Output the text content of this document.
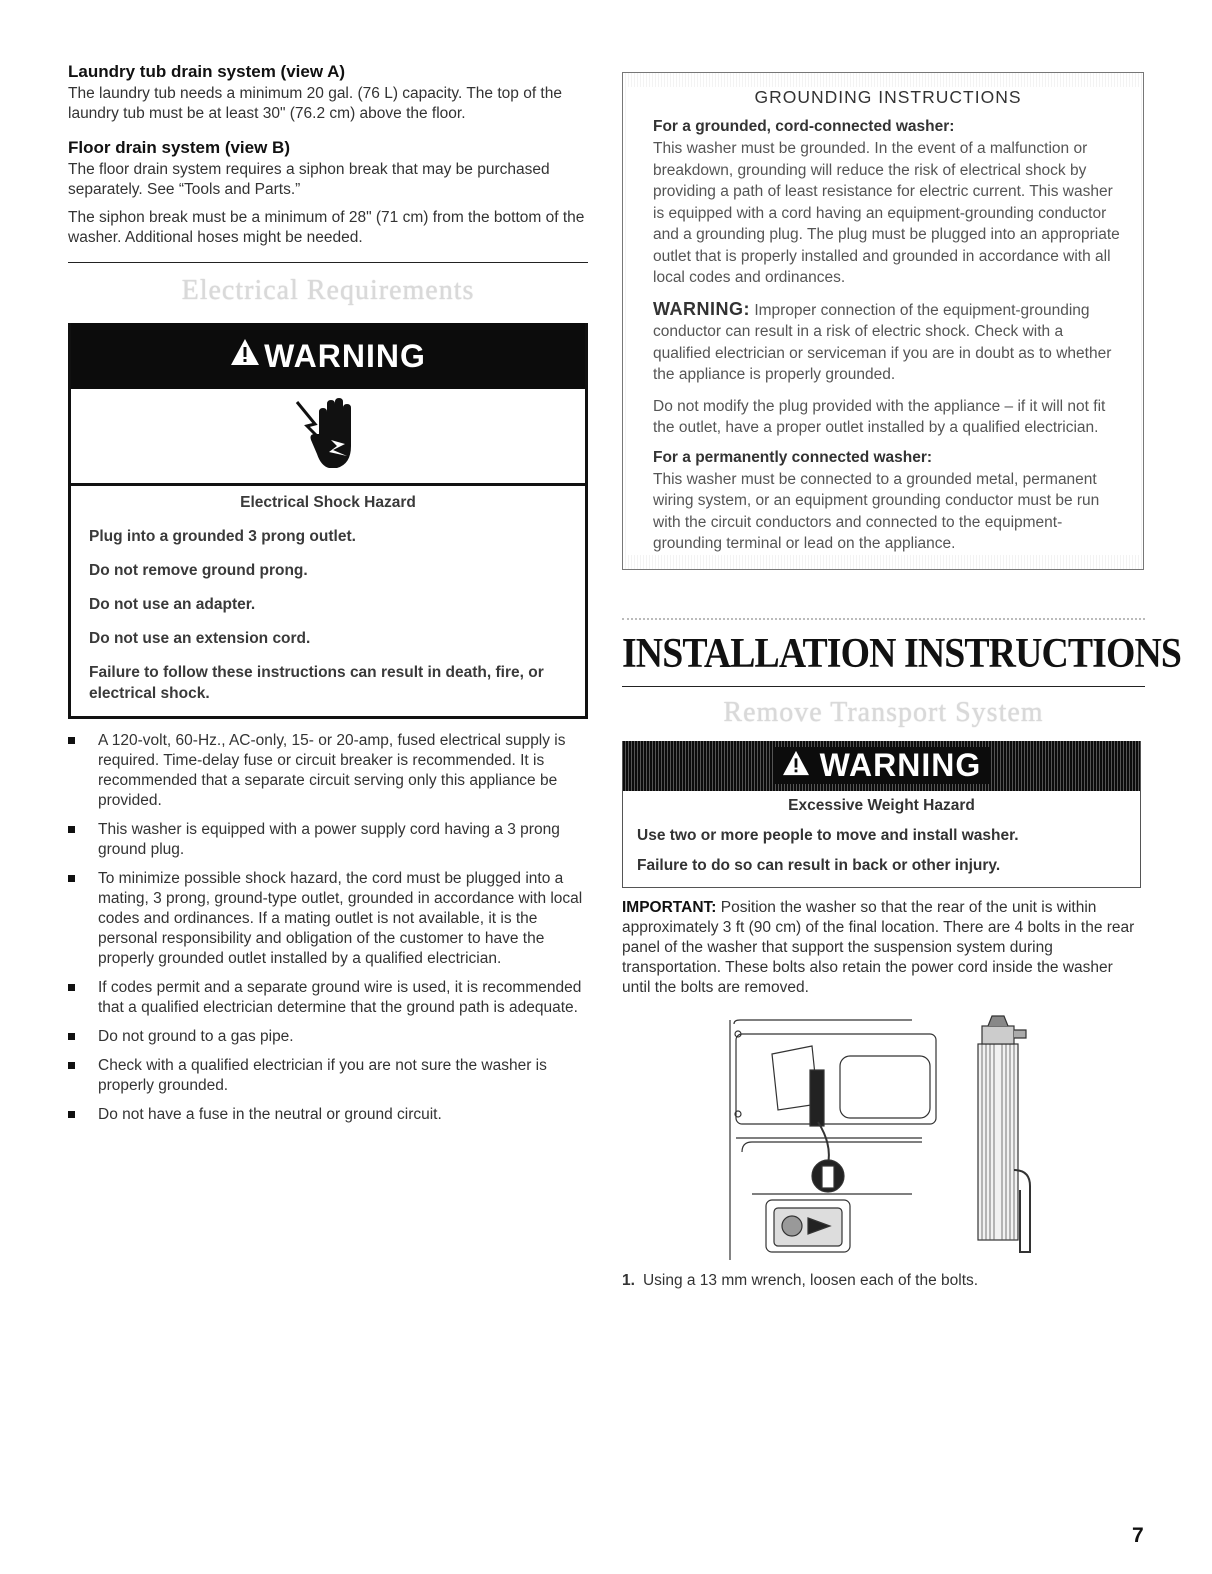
Laundry tub drain system (view A)

The laundry tub needs a minimum 20 gal. (76 L) capacity. The top of the laundry tub must be at least 30" (76.2 cm) above the floor.

Floor drain system (view B)

The floor drain system requires a siphon break that may be purchased separately. See “Tools and Parts.”

The siphon break must be a minimum of 28" (71 cm) from the bottom of the washer. Additional hoses might be needed.

Electrical Requirements
WARNING
Electrical Shock Hazard

Plug into a grounded 3 prong outlet.

Do not remove ground prong.

Do not use an adapter.

Do not use an extension cord.

Failure to follow these instructions can result in death, fire, or electrical shock.

A 120-volt, 60-Hz., AC-only, 15- or 20-amp, fused electrical supply is required. Time-delay fuse or circuit breaker is recommended. It is recommended that a separate circuit serving only this appliance be provided.
This washer is equipped with a power supply cord having a 3 prong ground plug.
To minimize possible shock hazard, the cord must be plugged into a mating, 3 prong, ground-type outlet, grounded in accordance with local codes and ordinances. If a mating outlet is not available, it is the personal responsibility and obligation of the customer to have the properly grounded outlet installed by a qualified electrician.
If codes permit and a separate ground wire is used, it is recommended that a qualified electrician determine that the ground path is adequate.
Do not ground to a gas pipe.
Check with a qualified electrician if you are not sure the washer is properly grounded.
Do not have a fuse in the neutral or ground circuit.
GROUNDING INSTRUCTIONS
For a grounded, cord-connected washer:

This washer must be grounded. In the event of a malfunction or breakdown, grounding will reduce the risk of electrical shock by providing a path of least resistance for electric current. This washer is equipped with a cord having an equipment-grounding conductor and a grounding plug. The plug must be plugged into an appropriate outlet that is properly installed and grounded in accordance with all local codes and ordinances.

WARNING: Improper connection of the equipment-grounding conductor can result in a risk of electric shock. Check with a qualified electrician or serviceman if you are in doubt as to whether the appliance is properly grounded.

Do not modify the plug provided with the appliance – if it will not fit the outlet, have a proper outlet installed by a qualified electrician.

For a permanently connected washer:

This washer must be connected to a grounded metal, permanent wiring system, or an equipment grounding conductor must be run with the circuit conductors and connected to the equipment-grounding terminal or lead on the appliance.

INSTALLATION INSTRUCTIONS
Remove Transport System
WARNING
Excessive Weight Hazard

Use two or more people to move and install washer.

Failure to do so can result in back or other injury.

IMPORTANT: Position the washer so that the rear of the unit is within approximately 3 ft (90 cm) of the final location. There are 4 bolts in the rear panel of the washer that support the suspension system during transportation. These bolts also retain the power cord inside the washer until the bolts are removed.

1. Using a 13 mm wrench, loosen each of the bolts.
7
